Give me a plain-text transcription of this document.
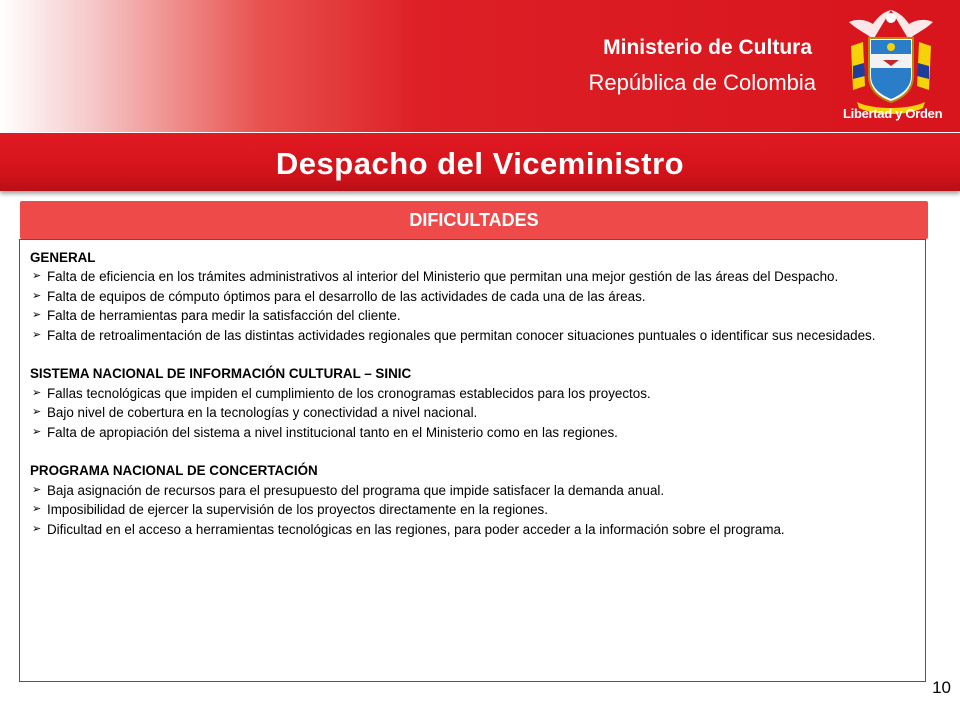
Ministerio de Cultura
República de Colombia
Libertad y Orden
Despacho del Viceministro
DIFICULTADES

GENERAL

➢ Falta de eficiencia en los trámites administrativos al interior del Ministerio que permitan una mejor gestión de las áreas del Despacho.
➢ Falta de equipos de cómputo óptimos para el desarrollo de las actividades de cada una de las áreas.
➢ Falta de herramientas para medir la satisfacción del cliente.
➢ Falta de retroalimentación de las distintas actividades regionales que permitan conocer situaciones puntuales o identificar sus necesidades.

SISTEMA NACIONAL DE INFORMACIÓN CULTURAL – SINIC

➢ Fallas tecnológicas que impiden el cumplimiento de los cronogramas establecidos para los proyectos.
➢ Bajo nivel de cobertura en la tecnologías y conectividad a nivel nacional.
➢ Falta de apropiación del sistema a nivel institucional tanto en el Ministerio como en las regiones.

PROGRAMA NACIONAL DE CONCERTACIÓN

➢ Baja asignación de recursos para el presupuesto del programa que impide satisfacer la demanda anual.
➢ Imposibilidad de ejercer la supervisión de los proyectos directamente en la regiones.
➢ Dificultad en el acceso a herramientas tecnológicas en las regiones, para poder acceder a la información sobre el programa.
10
